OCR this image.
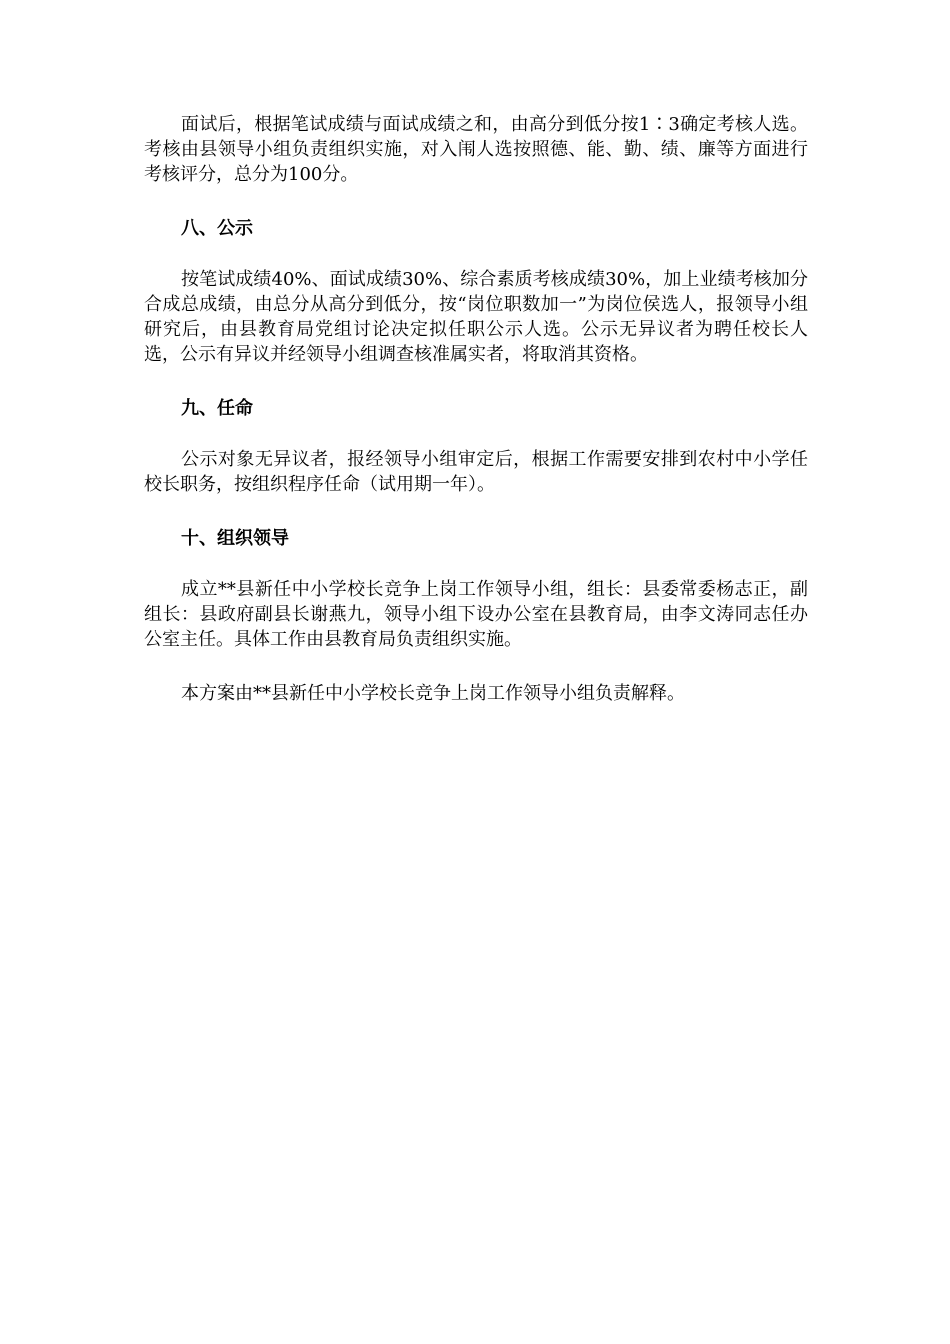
面试后，根据笔试成绩与面试成绩之和，由高分到低分按1∶3确定考核人选。考核由县领导小组负责组织实施，对入闱人选按照德、能、勤、绩、廉等方面进行考核评分，总分为100分。

八、公示

按笔试成绩40%、面试成绩30%、综合素质考核成绩30%，加上业绩考核加分合成总成绩，由总分从高分到低分，按“岗位职数加一”为岗位侯选人，报领导小组研究后，由县教育局党组讨论决定拟任职公示人选。公示无异议者为聘任校长人选，公示有异议并经领导小组调查核准属实者，将取消其资格。

九、任命

公示对象无异议者，报经领导小组审定后，根据工作需要安排到农村中小学任校长职务，按组织程序任命（试用期一年）。

十、组织领导

成立**县新任中小学校长竞争上岗工作领导小组，组长：县委常委杨志正，副组长：县政府副县长谢燕九，领导小组下设办公室在县教育局，由李文涛同志任办公室主任。具体工作由县教育局负责组织实施。

本方案由**县新任中小学校长竞争上岗工作领导小组负责解释。
